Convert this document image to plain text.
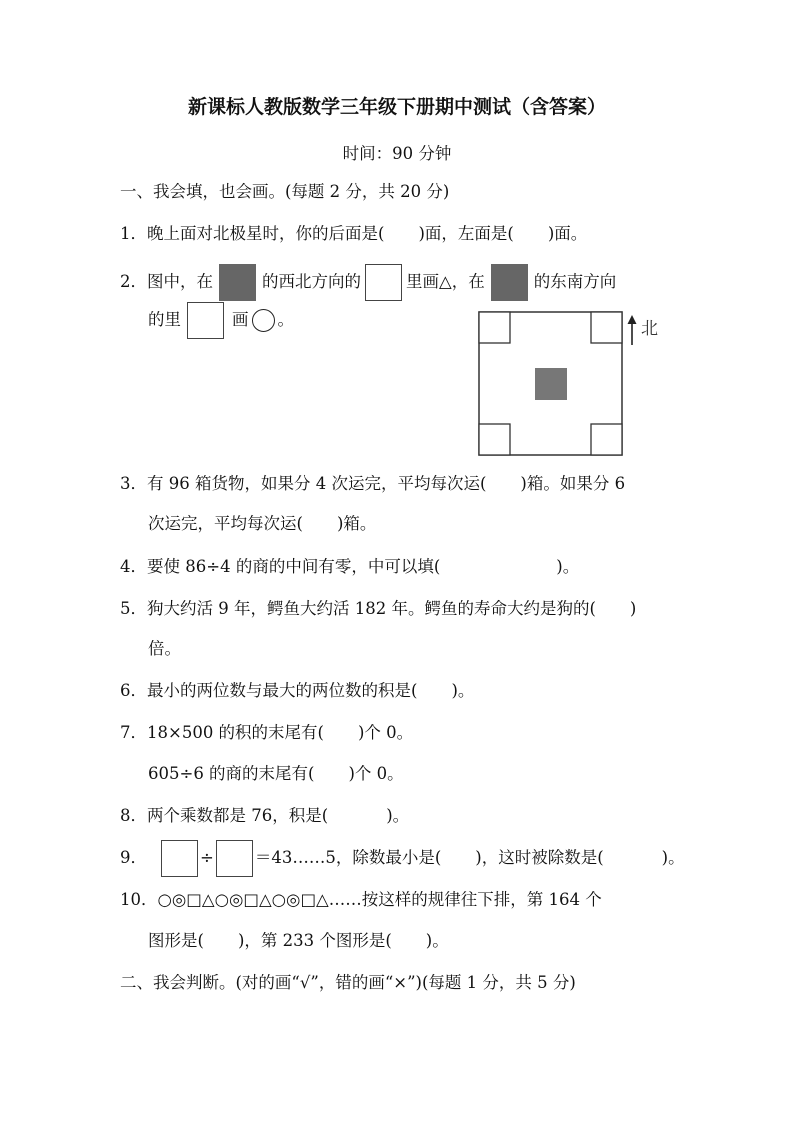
新课标人教版数学三年级下册期中测试（含答案）
时间：90 分钟
一、我会填，也会画。(每题 2 分，共 20 分)
1．晚上面对北极星时，你的后面是( )面，左面是( )面。
2．图中，在	的西北方向的	里画△，在	的东南方向
的里	画 。	北
3．有 96 箱货物，如果分 4 次运完，平均每次运( )箱。如果分 6
次运完，平均每次运( )箱。
4．要使 86÷4 的商的中间有零，中可以填(	)。
5．狗大约活 9 年，鳄鱼大约活 182 年。鳄鱼的寿命大约是狗的( )
倍。
6．最小的两位数与最大的两位数的积是( )。
7．18×500 的积的末尾有( )个 0。
605÷6 的商的末尾有( )个 0。
8．两个乘数都是 76，积是(	)。
9．	÷ ＝43……5，除数最小是( )，这时被除数是(	)。
10．○◎□△○◎□△○◎□△……按这样的规律往下排，第 164 个
图形是( )，第 233 个图形是( )。
二、我会判断。(对的画“√”，错的画“×”)(每题 1 分，共 5 分)
